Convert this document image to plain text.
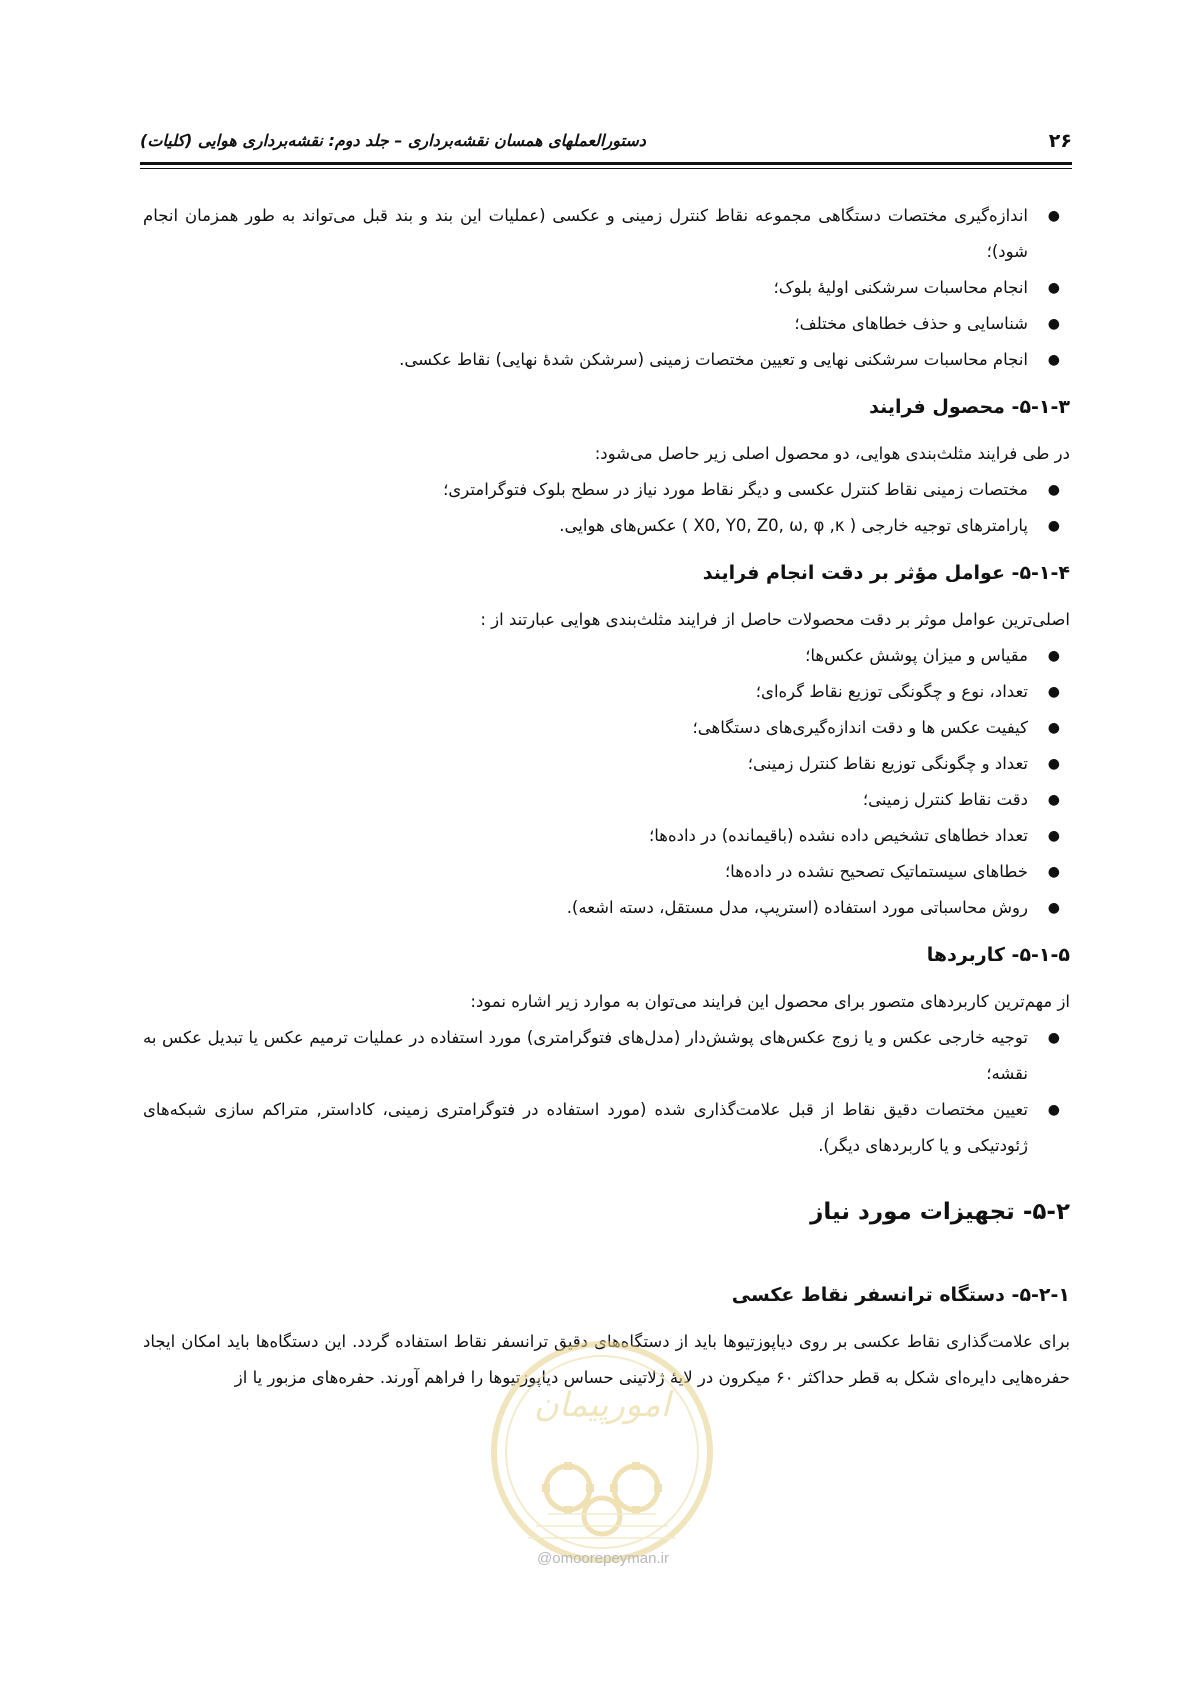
۲۶
دستورالعملهای همسان نقشه‌برداری – جلد دوم: نقشه‌برداری هوایی (کلیات)
●
اندازه‌گیری مختصات دستگاهی مجموعه نقاط کنترل زمینی و عکسی (عملیات این بند و بند قبل می‌تواند به طور همزمان انجام شود)؛
●
انجام محاسبات سرشکنی اولیهٔ بلوک؛
●
شناسایی و حذف خطاهای مختلف؛
●
انجام محاسبات سرشکنی نهایی و تعیین مختصات زمینی (سرشکن شدهٔ نهایی) نقاط عکسی.
۵-۱-۳- محصول فرایند

در طی فرایند مثلث‌بندی هوایی، دو محصول اصلی زیر حاصل می‌شود:

●
مختصات زمینی نقاط کنترل عکسی و دیگر نقاط مورد نیاز در سطح بلوک فتوگرامتری؛
●
پارامترهای توجیه خارجی ( X0, Y0, Z0, ω, φ ,κ ) عکس‌های هوایی.
۵-۱-۴- عوامل مؤثر بر دقت انجام فرایند

اصلی‌ترین عوامل موثر بر دقت محصولات حاصل از فرایند مثلث‌بندی هوایی عبارتند از :

●
مقیاس و میزان پوشش عکس‌ها؛
●
تعداد، نوع و چگونگی توزیع نقاط گره‌ای؛
●
کیفیت عکس ها و دقت اندازه‌گیری‌های دستگاهی؛
●
تعداد و چگونگی توزیع نقاط کنترل زمینی؛
●
دقت نقاط کنترل زمینی؛
●
تعداد خطاهای تشخیص داده نشده (باقیمانده) در داده‌ها؛
●
خطاهای سیستماتیک تصحیح نشده در داده‌ها؛
●
روش محاسباتی مورد استفاده (استریپ، مدل مستقل، دسته اشعه).
۵-۱-۵- کاربردها

از مهم‌ترین کاربردهای متصور برای محصول این فرایند می‌توان به موارد زیر اشاره نمود:

●
توجیه خارجی عکس و یا زوج عکس‌های پوشش‌دار (مدل‌های فتوگرامتری) مورد استفاده در عملیات ترمیم عکس یا تبدیل عکس به نقشه؛
●
تعیین مختصات دقیق نقاط از قبل علامت‌گذاری شده (مورد استفاده در فتوگرامتری زمینی، کاداستر, متراکم سازی شبکه‌های ژئودتیکی و یا کاربردهای دیگر).
۵-۲- تجهیزات مورد نیاز
۵-۲-۱- دستگاه ترانسفر نقاط عکسی

برای علامت‌گذاری نقاط عکسی بر روی دیاپوزتیوها باید از دستگاه‌های دقیق ترانسفر نقاط استفاده گردد. این دستگاه‌ها باید امکان ایجاد حفره‌هایی دایره‌ای شکل به قطر حداکثر ۶۰ میکرون در لایهٔ ژلاتینی حساس دیاپوزتیوها را فراهم آورند. حفره‌های مزبور یا از

امورپیمان
@omoorepeyman.ir
